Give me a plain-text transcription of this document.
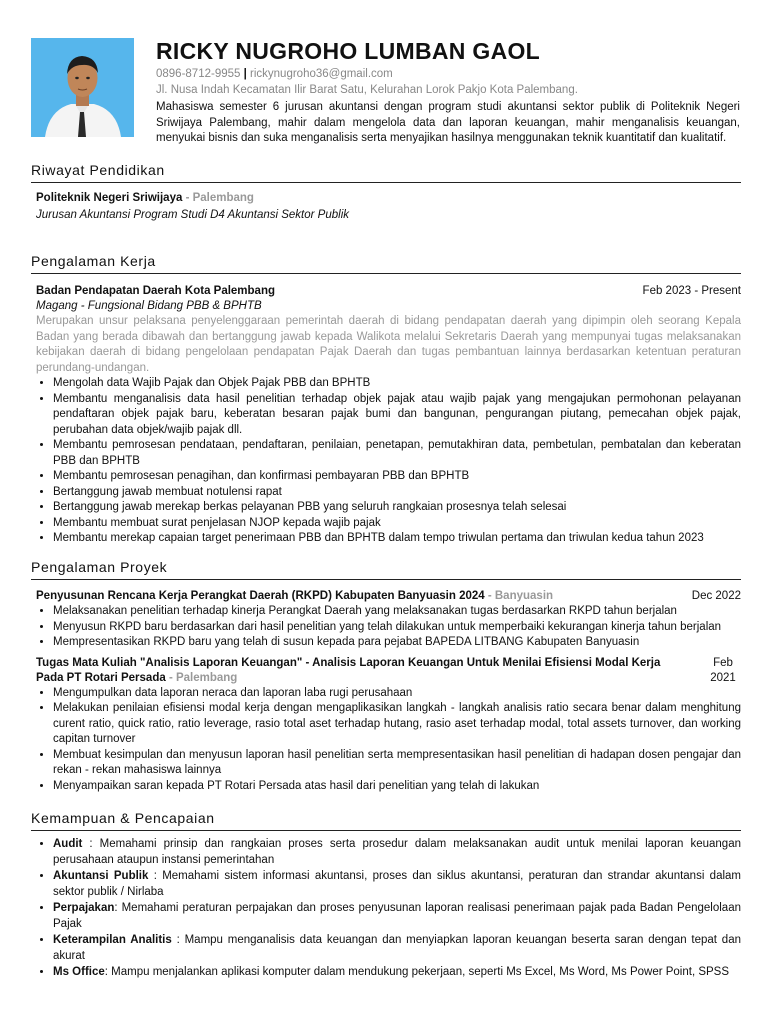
RICKY NUGROHO LUMBAN GAOL
0896-8712-9955 | rickynugroho36@gmail.com
Jl. Nusa Indah Kecamatan Ilir Barat Satu, Kelurahan Lorok Pakjo Kota Palembang.
Mahasiswa semester 6 jurusan akuntansi dengan program studi akuntansi sektor publik di Politeknik Negeri Sriwijaya Palembang, mahir dalam mengelola data dan laporan keuangan, mahir menganalisis keuangan, menyukai bisnis dan suka menganalisis serta menyajikan hasilnya menggunakan teknik kuantitatif dan kualitatif.
Riwayat Pendidikan
Politeknik Negeri Sriwijaya - Palembang
Jurusan Akuntansi Program Studi D4 Akuntansi Sektor Publik
Pengalaman Kerja
Badan Pendapatan Daerah Kota Palembang	Feb 2023 - Present
Magang - Fungsional Bidang PBB & BPHTB
Merupakan unsur pelaksana penyelenggaraan pemerintah daerah di bidang pendapatan daerah yang dipimpin oleh seorang Kepala Badan yang berada dibawah dan bertanggung jawab kepada Walikota melalui Sekretaris Daerah yang mempunyai tugas melaksanakan kebijakan daerah di bidang pengelolaan pendapatan Pajak Daerah dan tugas pembantuan lainnya berdasarkan ketentuan peraturan perundang-undangan.
• Mengolah data Wajib Pajak dan Objek Pajak PBB dan BPHTB
• Membantu menganalisis data hasil penelitian terhadap objek pajak atau wajib pajak yang mengajukan permohonan pelayanan pendaftaran objek pajak baru, keberatan besaran pajak bumi dan bangunan, pengurangan piutang, pemecahan objek pajak, perubahan data objek/wajib pajak dll.
• Membantu pemrosesan pendataan, pendaftaran, penilaian, penetapan, pemutakhiran data, pembetulan, pembatalan dan keberatan PBB dan BPHTB
• Membantu pemrosesan penagihan, dan konfirmasi pembayaran PBB dan BPHTB
• Bertanggung jawab membuat notulensi rapat
• Bertanggung jawab merekap berkas pelayanan PBB yang seluruh rangkaian prosesnya telah selesai
• Membantu membuat surat penjelasan NJOP kepada wajib pajak
• Membantu merekap capaian target penerimaan PBB dan BPHTB dalam tempo triwulan pertama dan triwulan kedua tahun 2023
Pengalaman Proyek
Penyusunan Rencana Kerja Perangkat Daerah (RKPD) Kabupaten Banyuasin 2024 - Banyuasin	Dec 2022
• Melaksanakan penelitian terhadap kinerja Perangkat Daerah yang melaksanakan tugas berdasarkan RKPD tahun berjalan
• Menyusun RKPD baru berdasarkan dari hasil penelitian yang telah dilakukan untuk memperbaiki kekurangan kinerja tahun berjalan
• Mempresentasikan RKPD baru yang telah di susun kepada para pejabat BAPEDA LITBANG Kabupaten Banyuasin
Tugas Mata Kuliah "Analisis Laporan Keuangan" - Analisis Laporan Keuangan Untuk Menilai Efisiensi Modal Kerja Pada PT Rotari Persada - Palembang
Feb
2021
• Mengumpulkan data laporan neraca dan laporan laba rugi perusahaan
• Melakukan penilaian efisiensi modal kerja dengan mengaplikasikan langkah - langkah analisis ratio secara benar dalam menghitung curent ratio, quick ratio, ratio leverage, rasio total aset terhadap hutang, rasio aset terhadap modal, total assets turnover, dan working capitan turnover
• Membuat kesimpulan dan menyusun laporan hasil penelitian serta mempresentasikan hasil penelitian di hadapan dosen pengajar dan rekan - rekan mahasiswa lainnya
• Menyampaikan saran kepada PT Rotari Persada atas hasil dari penelitian yang telah di lakukan
Kemampuan & Pencapaian
• Audit : Memahami prinsip dan rangkaian proses serta prosedur dalam melaksanakan audit untuk menilai laporan keuangan perusahaan ataupun instansi pemerintahan
• Akuntansi Publik : Memahami sistem informasi akuntansi, proses dan siklus akuntansi, peraturan dan strandar akuntansi dalam sektor publik / Nirlaba
• Perpajakan: Memahami peraturan perpajakan dan proses penyusunan laporan realisasi penerimaan pajak pada Badan Pengelolaan Pajak
• Keterampilan Analitis : Mampu menganalisis data keuangan dan menyiapkan laporan keuangan beserta saran dengan tepat dan akurat
• Ms Office: Mampu menjalankan aplikasi komputer dalam mendukung pekerjaan, seperti Ms Excel, Ms Word, Ms Power Point, SPSS
